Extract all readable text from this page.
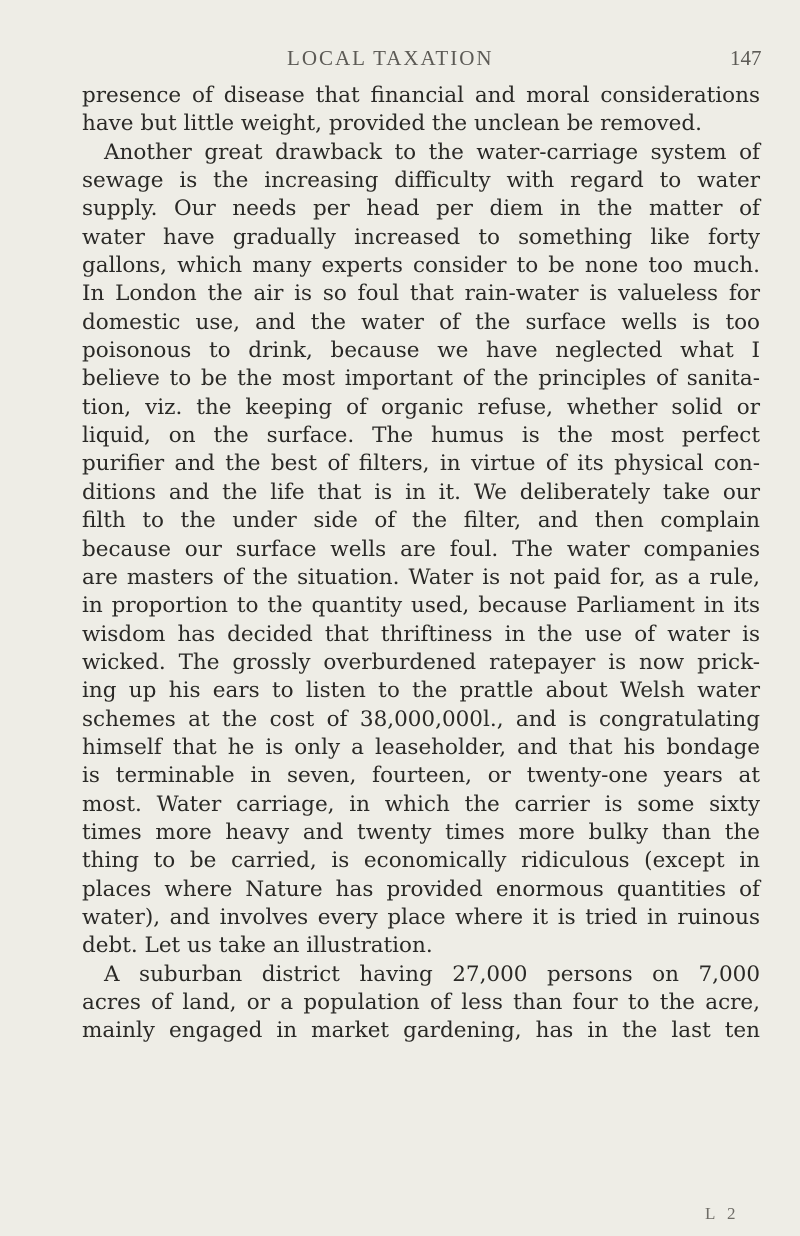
LOCAL TAXATION	147
presence of disease that financial and moral considerations
have but little weight, provided the unclean be removed.
Another great drawback to the water-carriage system of
sewage is the increasing difficulty with regard to water
supply. Our needs per head per diem in the matter of
water have gradually increased to something like forty
gallons, which many experts consider to be none too much.
In London the air is so foul that rain-water is valueless for
domestic use, and the water of the surface wells is too
poisonous to drink, because we have neglected what I
believe to be the most important of the principles of sanita-
tion, viz. the keeping of organic refuse, whether solid or
liquid, on the surface. The humus is the most perfect
purifier and the best of filters, in virtue of its physical con-
ditions and the life that is in it. We deliberately take our
filth to the under side of the filter, and then complain
because our surface wells are foul. The water companies
are masters of the situation. Water is not paid for, as a rule,
in proportion to the quantity used, because Parliament in its
wisdom has decided that thriftiness in the use of water is
wicked. The grossly overburdened ratepayer is now prick-
ing up his ears to listen to the prattle about Welsh water
schemes at the cost of 38,000,000l., and is congratulating
himself that he is only a leaseholder, and that his bondage
is terminable in seven, fourteen, or twenty-one years at
most. Water carriage, in which the carrier is some sixty
times more heavy and twenty times more bulky than the
thing to be carried, is economically ridiculous (except in
places where Nature has provided enormous quantities of
water), and involves every place where it is tried in ruinous
debt. Let us take an illustration.
A suburban district having 27,000 persons on 7,000
acres of land, or a population of less than four to the acre,
mainly engaged in market gardening, has in the last ten
L 2
